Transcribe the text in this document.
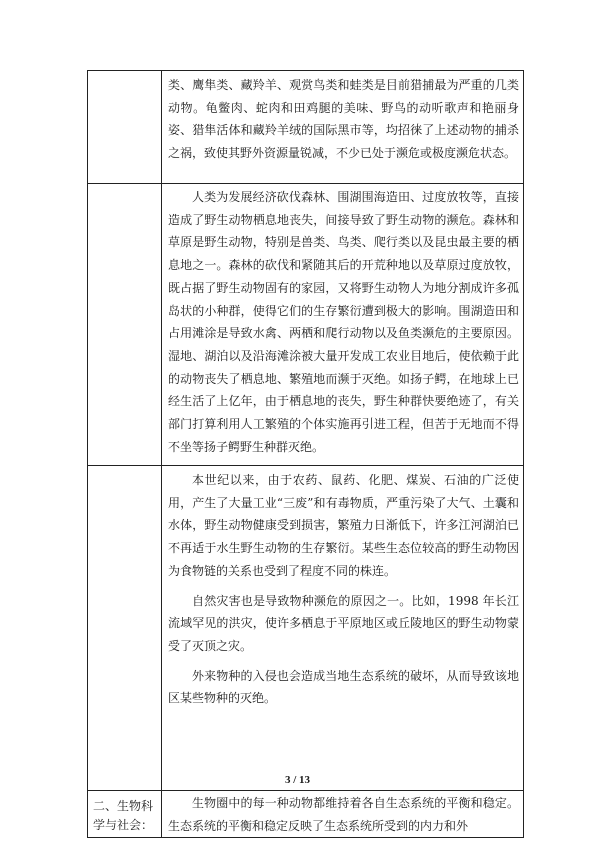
	类、鹰隼类、藏羚羊、观赏鸟类和蛙类是目前猎捕最为严重的几类动物。龟鳖肉、蛇肉和田鸡腿的美味、野鸟的动听歌声和艳丽身姿、猎隼活体和藏羚羊绒的国际黑市等，均招徕了上述动物的捕杀之祸，致使其野外资源量锐减，不少已处于濒危或极度濒危状态。

	人类为发展经济砍伐森林、围湖围海造田、过度放牧等，直接造成了野生动物栖息地丧失，间接导致了野生动物的濒危。森林和草原是野生动物，特别是兽类、鸟类、爬行类以及昆虫最主要的栖息地之一。森林的砍伐和紧随其后的开荒种地以及草原过度放牧，既占据了野生动物固有的家园，又将野生动物人为地分割成许多孤岛状的小种群，使得它们的生存繁衍遭到极大的影响。围湖造田和占用滩涂是导致水禽、两栖和爬行动物以及鱼类濒危的主要原因。湿地、湖泊以及沿海滩涂被大量开发成工农业目地后，使依赖于此的动物丧失了栖息地、繁殖地而濒于灭绝。如扬子鳄，在地球上已经生活了上亿年，由于栖息地的丧失，野生种群快要绝迹了，有关部门打算利用人工繁殖的个体实施再引进工程，但苦于无地而不得不坐等扬子鳄野生种群灭绝。

	本世纪以来，由于农药、鼠药、化肥、煤炭、石油的广泛使用，产生了大量工业“三废”和有毒物质，严重污染了大气、土囊和水体，野生动物健康受到损害，繁殖力日渐低下，许多江河湖泊已不再适于水生野生动物的生存繁衍。某些生态位较高的野生动物因为食物链的关系也受到了程度不同的株连。

自然灾害也是导致物种濒危的原因之一。比如，1998 年长江流域罕见的洪灾，使许多栖息于平原地区或丘陵地区的野生动物蒙受了灭顶之灾。

外来物种的入侵也会造成当地生态系统的破坏，从而导致该地区某些物种的灭绝。

二、生物科学与社会：	生物圈中的每一种动物都维持着各自生态系统的平衡和稳定。生态系统的平衡和稳定反映了生态系统所受到的内力和外

3 / 13
